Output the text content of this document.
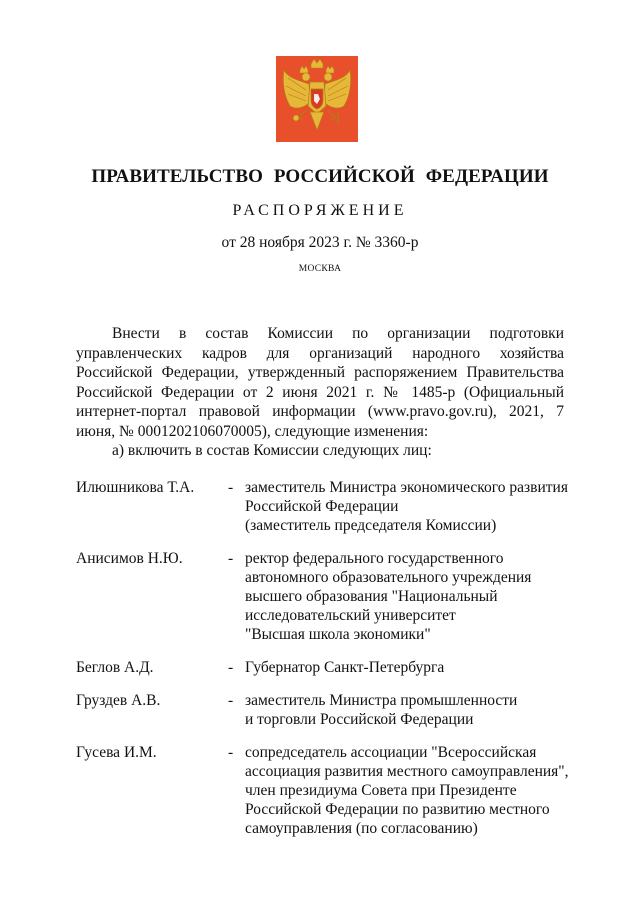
ПРАВИТЕЛЬСТВО РОССИЙСКОЙ ФЕДЕРАЦИИ
РАСПОРЯЖЕНИЕ
от 28 ноября 2023 г. № 3360-р
МОСКВА

Внести в состав Комиссии по организации подготовки управленческих кадров для организаций народного хозяйства Российской Федерации, утвержденный распоряжением Правительства Российской Федерации от 2 июня 2021 г. № 1485-р (Официальный интернет-портал правовой информации (www.pravo.gov.ru), 2021, 7 июня, № 0001202106070005), следующие изменения:

а) включить в состав Комиссии следующих лиц:

Илюшникова Т.А. - заместитель Министра экономического развития
Российской Федерации
(заместитель председателя Комиссии)
Анисимов Н.Ю.	- ректор федерального государственного
автономного образовательного учреждения
высшего образования "Национальный
исследовательский университет
"Высшая школа экономики"
Беглов А.Д.	- Губернатор Санкт-Петербурга
Груздев А.В.	- заместитель Министра промышленности
и торговли Российской Федерации
Гусева И.М.	- сопредседатель ассоциации "Всероссийская
ассоциация развития местного самоуправления",
член президиума Совета при Президенте
Российской Федерации по развитию местного
самоуправления (по согласованию)
